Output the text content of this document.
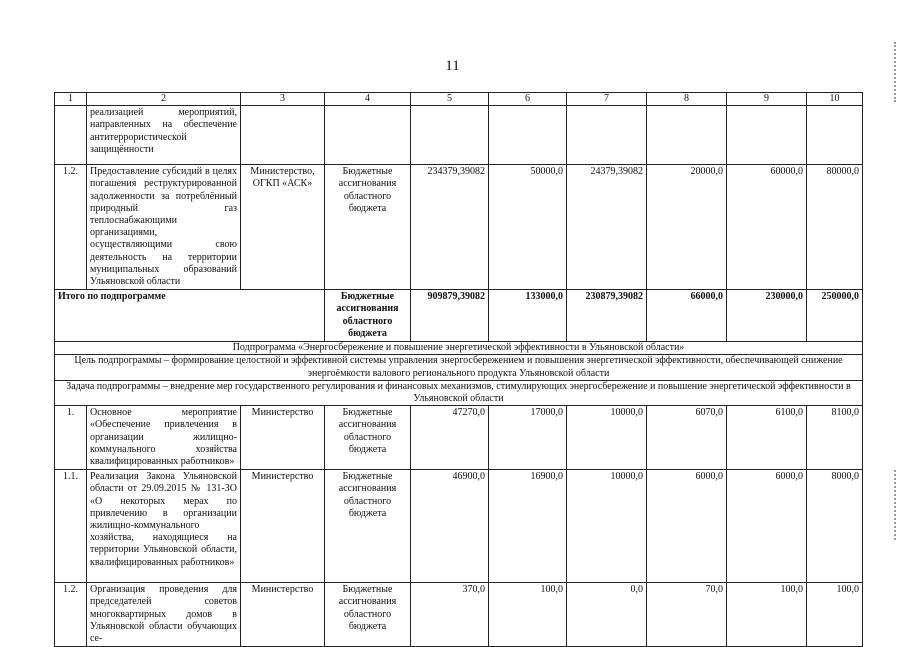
11
1	2	3	4	5	6	7	8	9	10
	реализацией мероприятий, направленных на обеспечение антитеррористической защищённости								
1.2.	Предоставление субсидий в целях погашения реструктурированной задолженности за потреблённый природный газ теплоснабжающими организациями, осуществляющими свою деятельность на территории муниципальных образований Ульяновской области	Министерство, ОГКП «АСК»	Бюджетные ассигнования областного бюджета	234379,39082	50000,0	24379,39082	20000,0	60000,0	80000,0
Итого по подпрограмме			Бюджетные ассигнования областного бюджета	909879,39082	133000,0	230879,39082	66000,0	230000,0	250000,0
Подпрограмма «Энергосбережение и повышение энергетической эффективности в Ульяновской области»									
Цель подпрограммы – формирование целостной и эффективной системы управления энергосбережением и повышения энергетической эффективности, обеспечивающей снижение энергоёмкости валового регионального продукта Ульяновской области									
Задача подпрограммы – внедрение мер государственного регулирования и финансовых механизмов, стимулирующих энергосбережение и повышение энергетической эффективности в Ульяновской области									
1.	Основное мероприятие «Обеспечение привлечения в организации жилищно-коммунального хозяйства квалифицированных работников»	Министерство	Бюджетные ассигнования областного бюджета	47270,0	17000,0	10000,0	6070,0	6100,0	8100,0
1.1.	Реализация Закона Ульяновской области от 29.09.2015 № 131-ЗО «О некоторых мерах по привлечению в организации жилищно-коммунального хозяйства, находящиеся на территории Ульяновской области, квалифицированных работников»	Министерство	Бюджетные ассигнования областного бюджета	46900,0	16900,0	10000,0	6000,0	6000,0	8000,0
1.2.	Организация проведения для председателей советов многоквартирных домов в Ульяновской области обучающих се-	Министерство	Бюджетные ассигнования областного бюджета	370,0	100,0	0,0	70,0	100,0	100,0
